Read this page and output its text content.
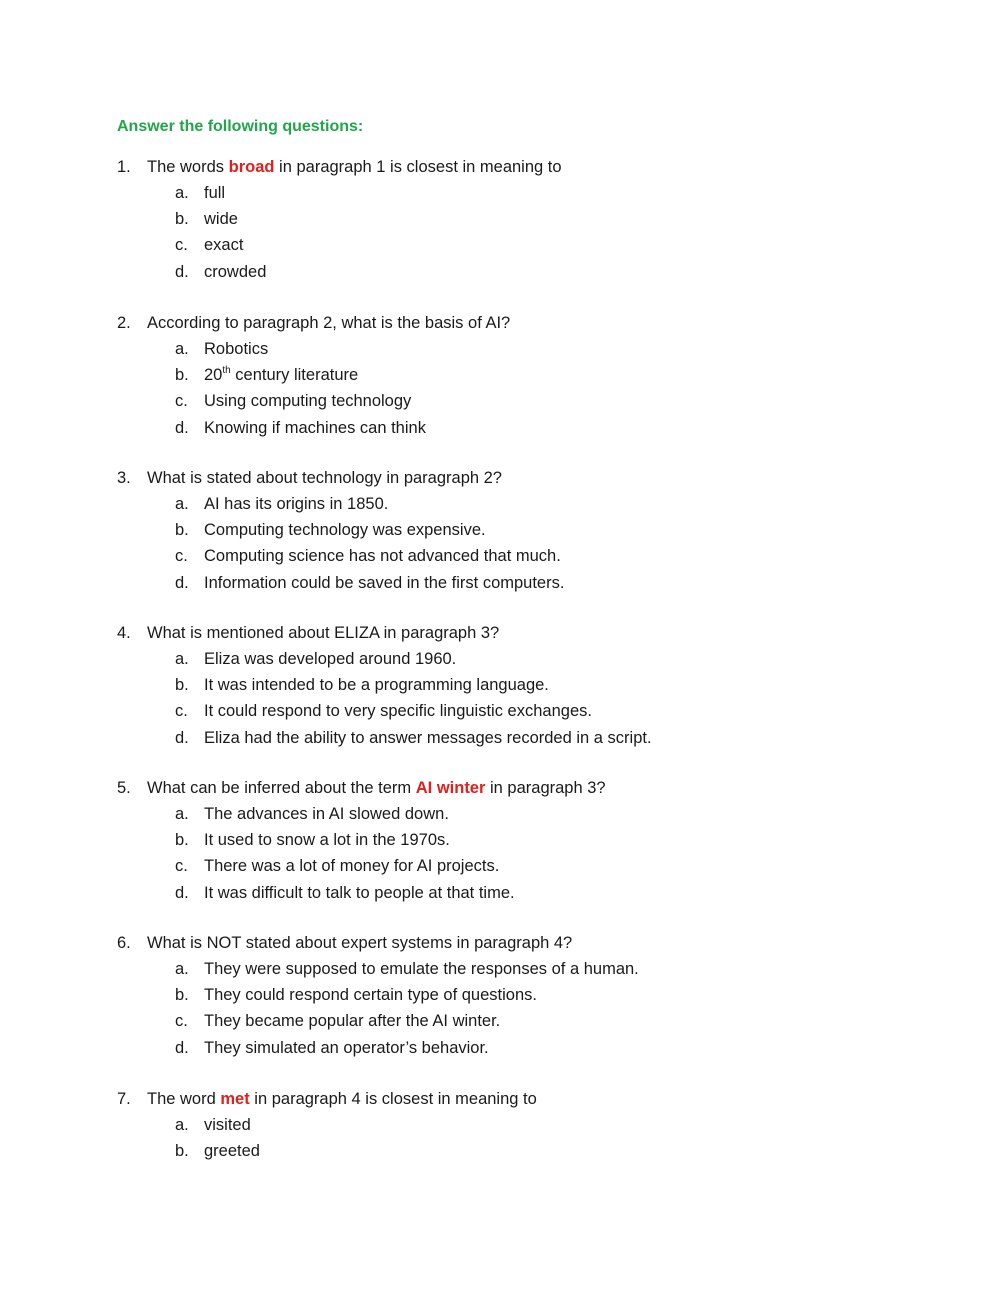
Answer the following questions:
1. The words broad in paragraph 1 is closest in meaning to
a. full
b. wide
c. exact
d. crowded
2. According to paragraph 2, what is the basis of AI?
a. Robotics
b. 20th century literature
c. Using computing technology
d. Knowing if machines can think
3. What is stated about technology in paragraph 2?
a. AI has its origins in 1850.
b. Computing technology was expensive.
c. Computing science has not advanced that much.
d. Information could be saved in the first computers.
4. What is mentioned about ELIZA in paragraph 3?
a. Eliza was developed around 1960.
b. It was intended to be a programming language.
c. It could respond to very specific linguistic exchanges.
d. Eliza had the ability to answer messages recorded in a script.
5. What can be inferred about the term AI winter in paragraph 3?
a. The advances in AI slowed down.
b. It used to snow a lot in the 1970s.
c. There was a lot of money for AI projects.
d. It was difficult to talk to people at that time.
6. What is NOT stated about expert systems in paragraph 4?
a. They were supposed to emulate the responses of a human.
b. They could respond certain type of questions.
c. They became popular after the AI winter.
d. They simulated an operator’s behavior.
7. The word met in paragraph 4 is closest in meaning to
a. visited
b. greeted
